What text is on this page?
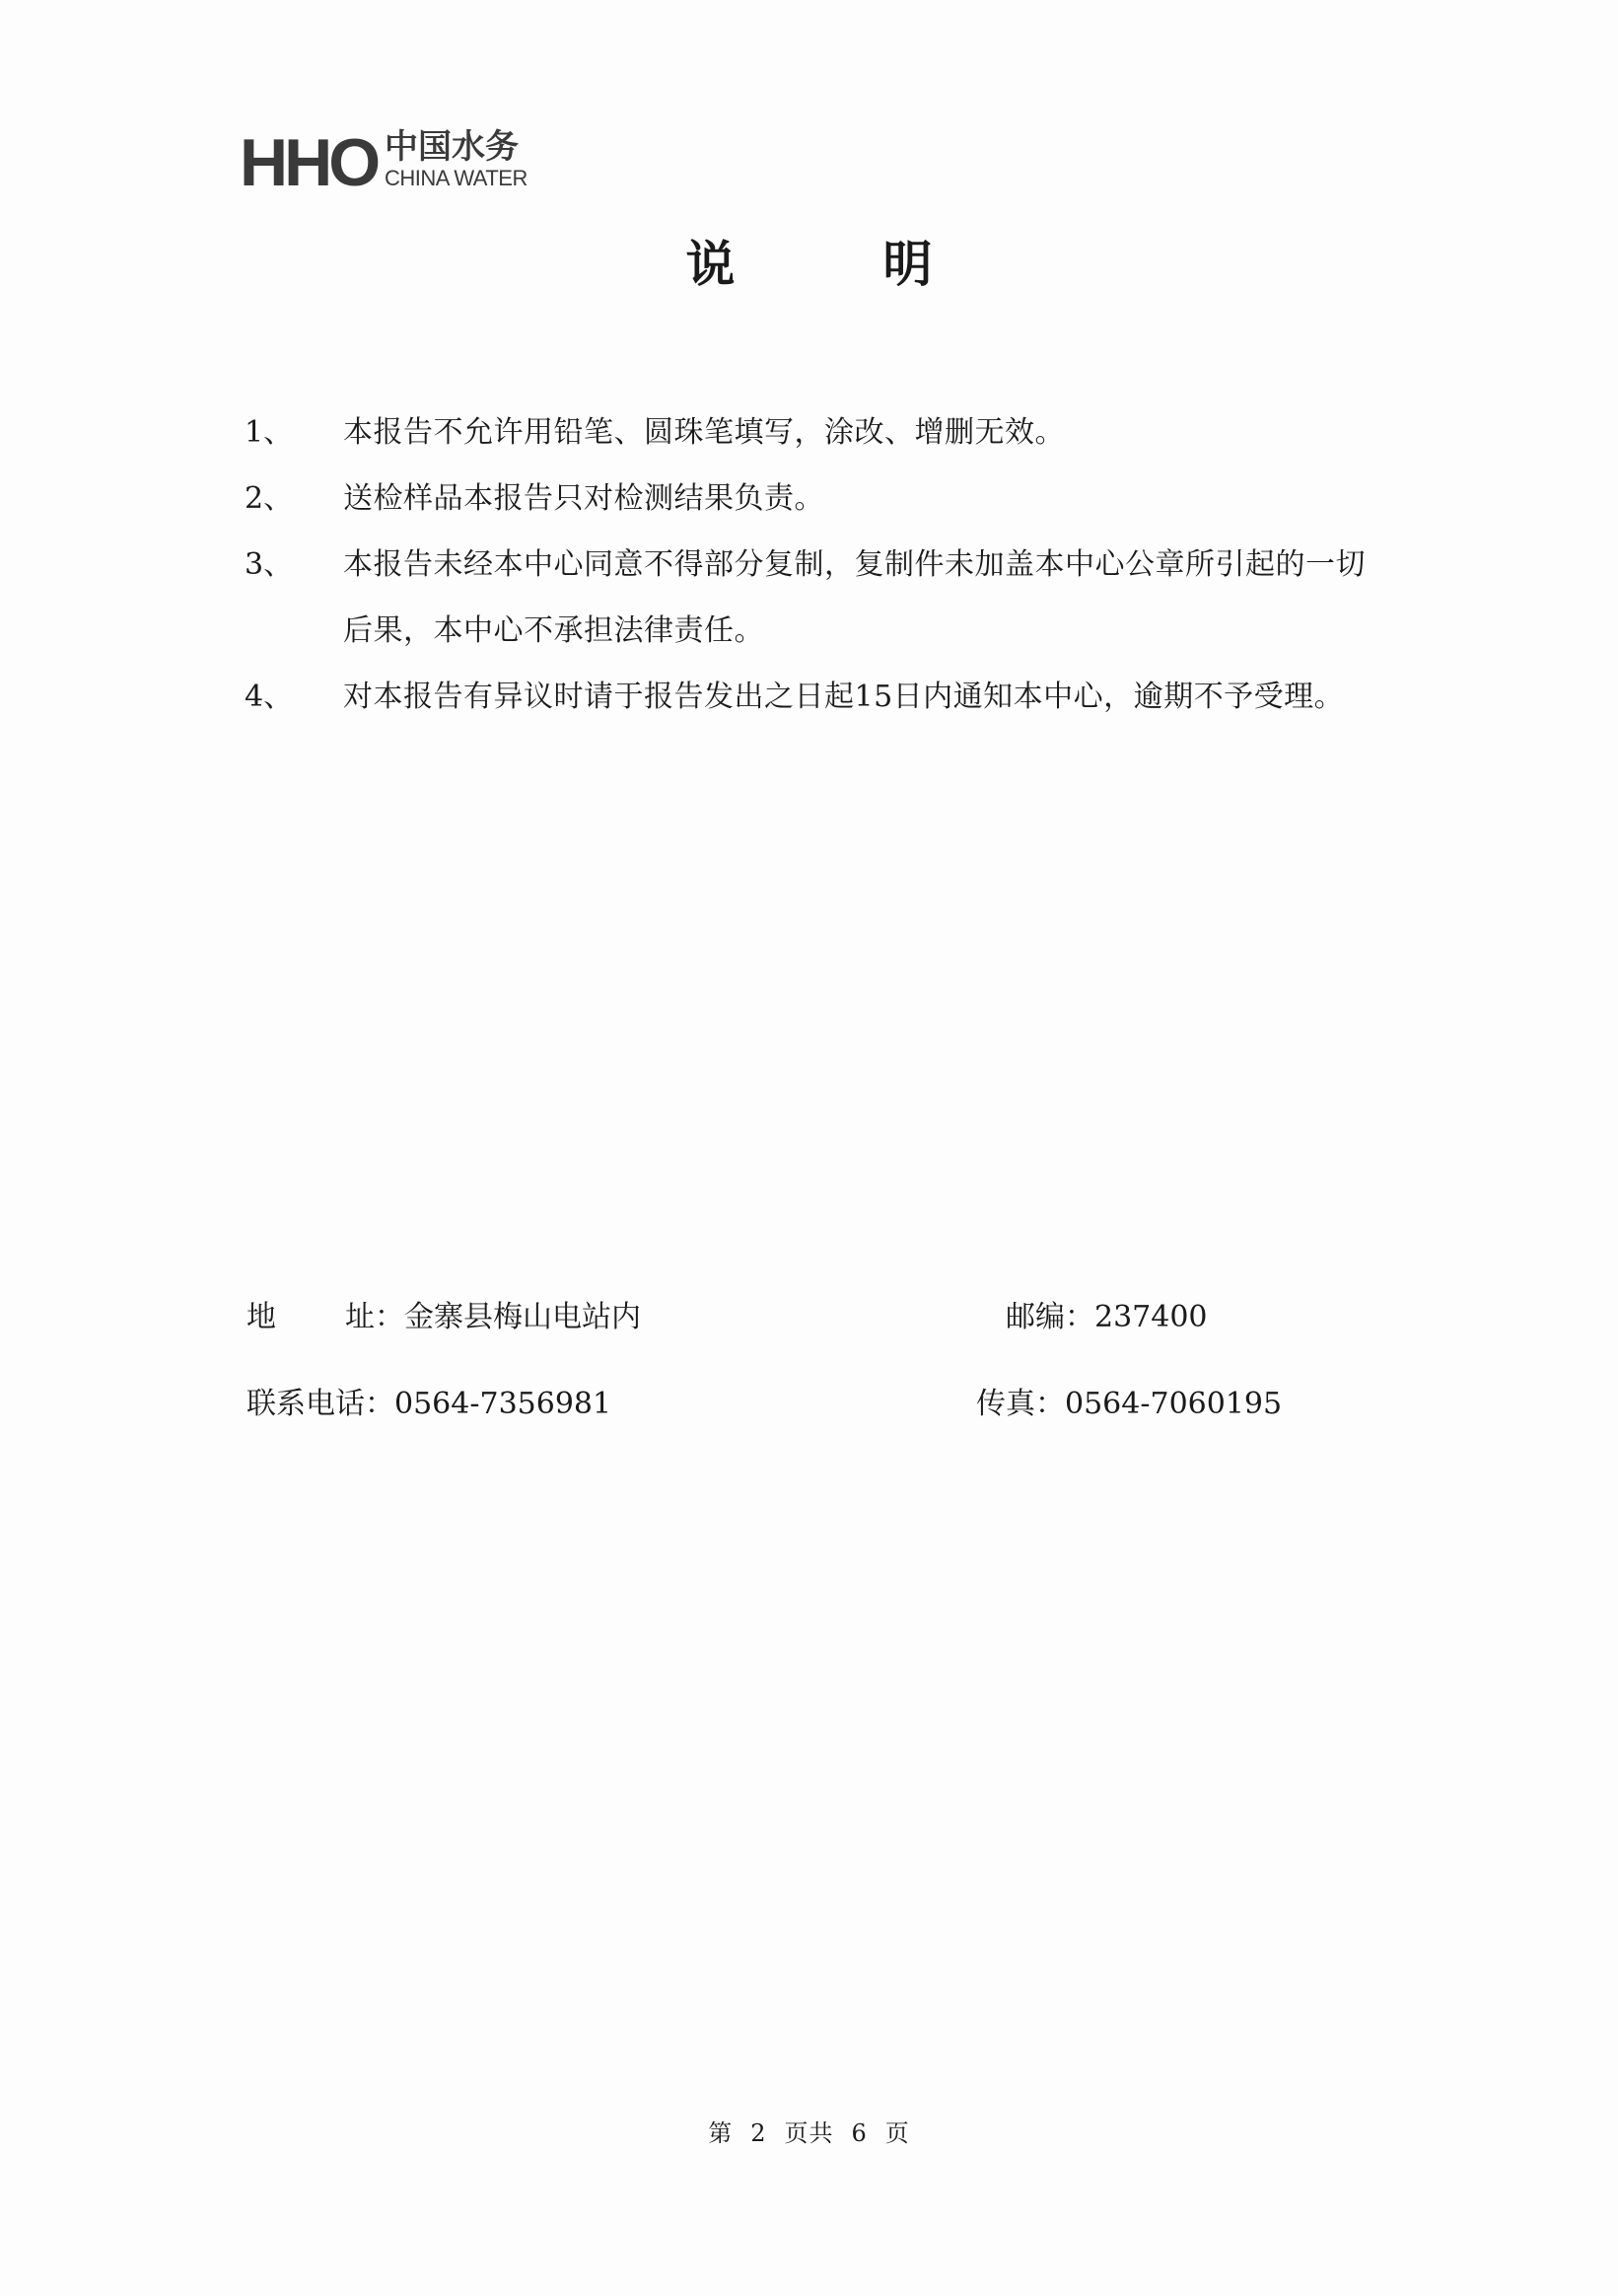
HHO 中国水务
CHINA WATER
说	明
1、	本报告不允许用铅笔、圆珠笔填写，涂改、增删无效。
2、	送检样品本报告只对检测结果负责。
3、	本报告未经本中心同意不得部分复制，复制件未加盖本中心公章所引起的一切后果，本中心不承担法律责任。
4、	对本报告有异议时请于报告发出之日起15日内通知本中心，逾期不予受理。
地 址：金寨县梅山电站内	邮编：237400
联系电话：0564-7356981	传真：0564-7060195
第 2 页共 6 页
